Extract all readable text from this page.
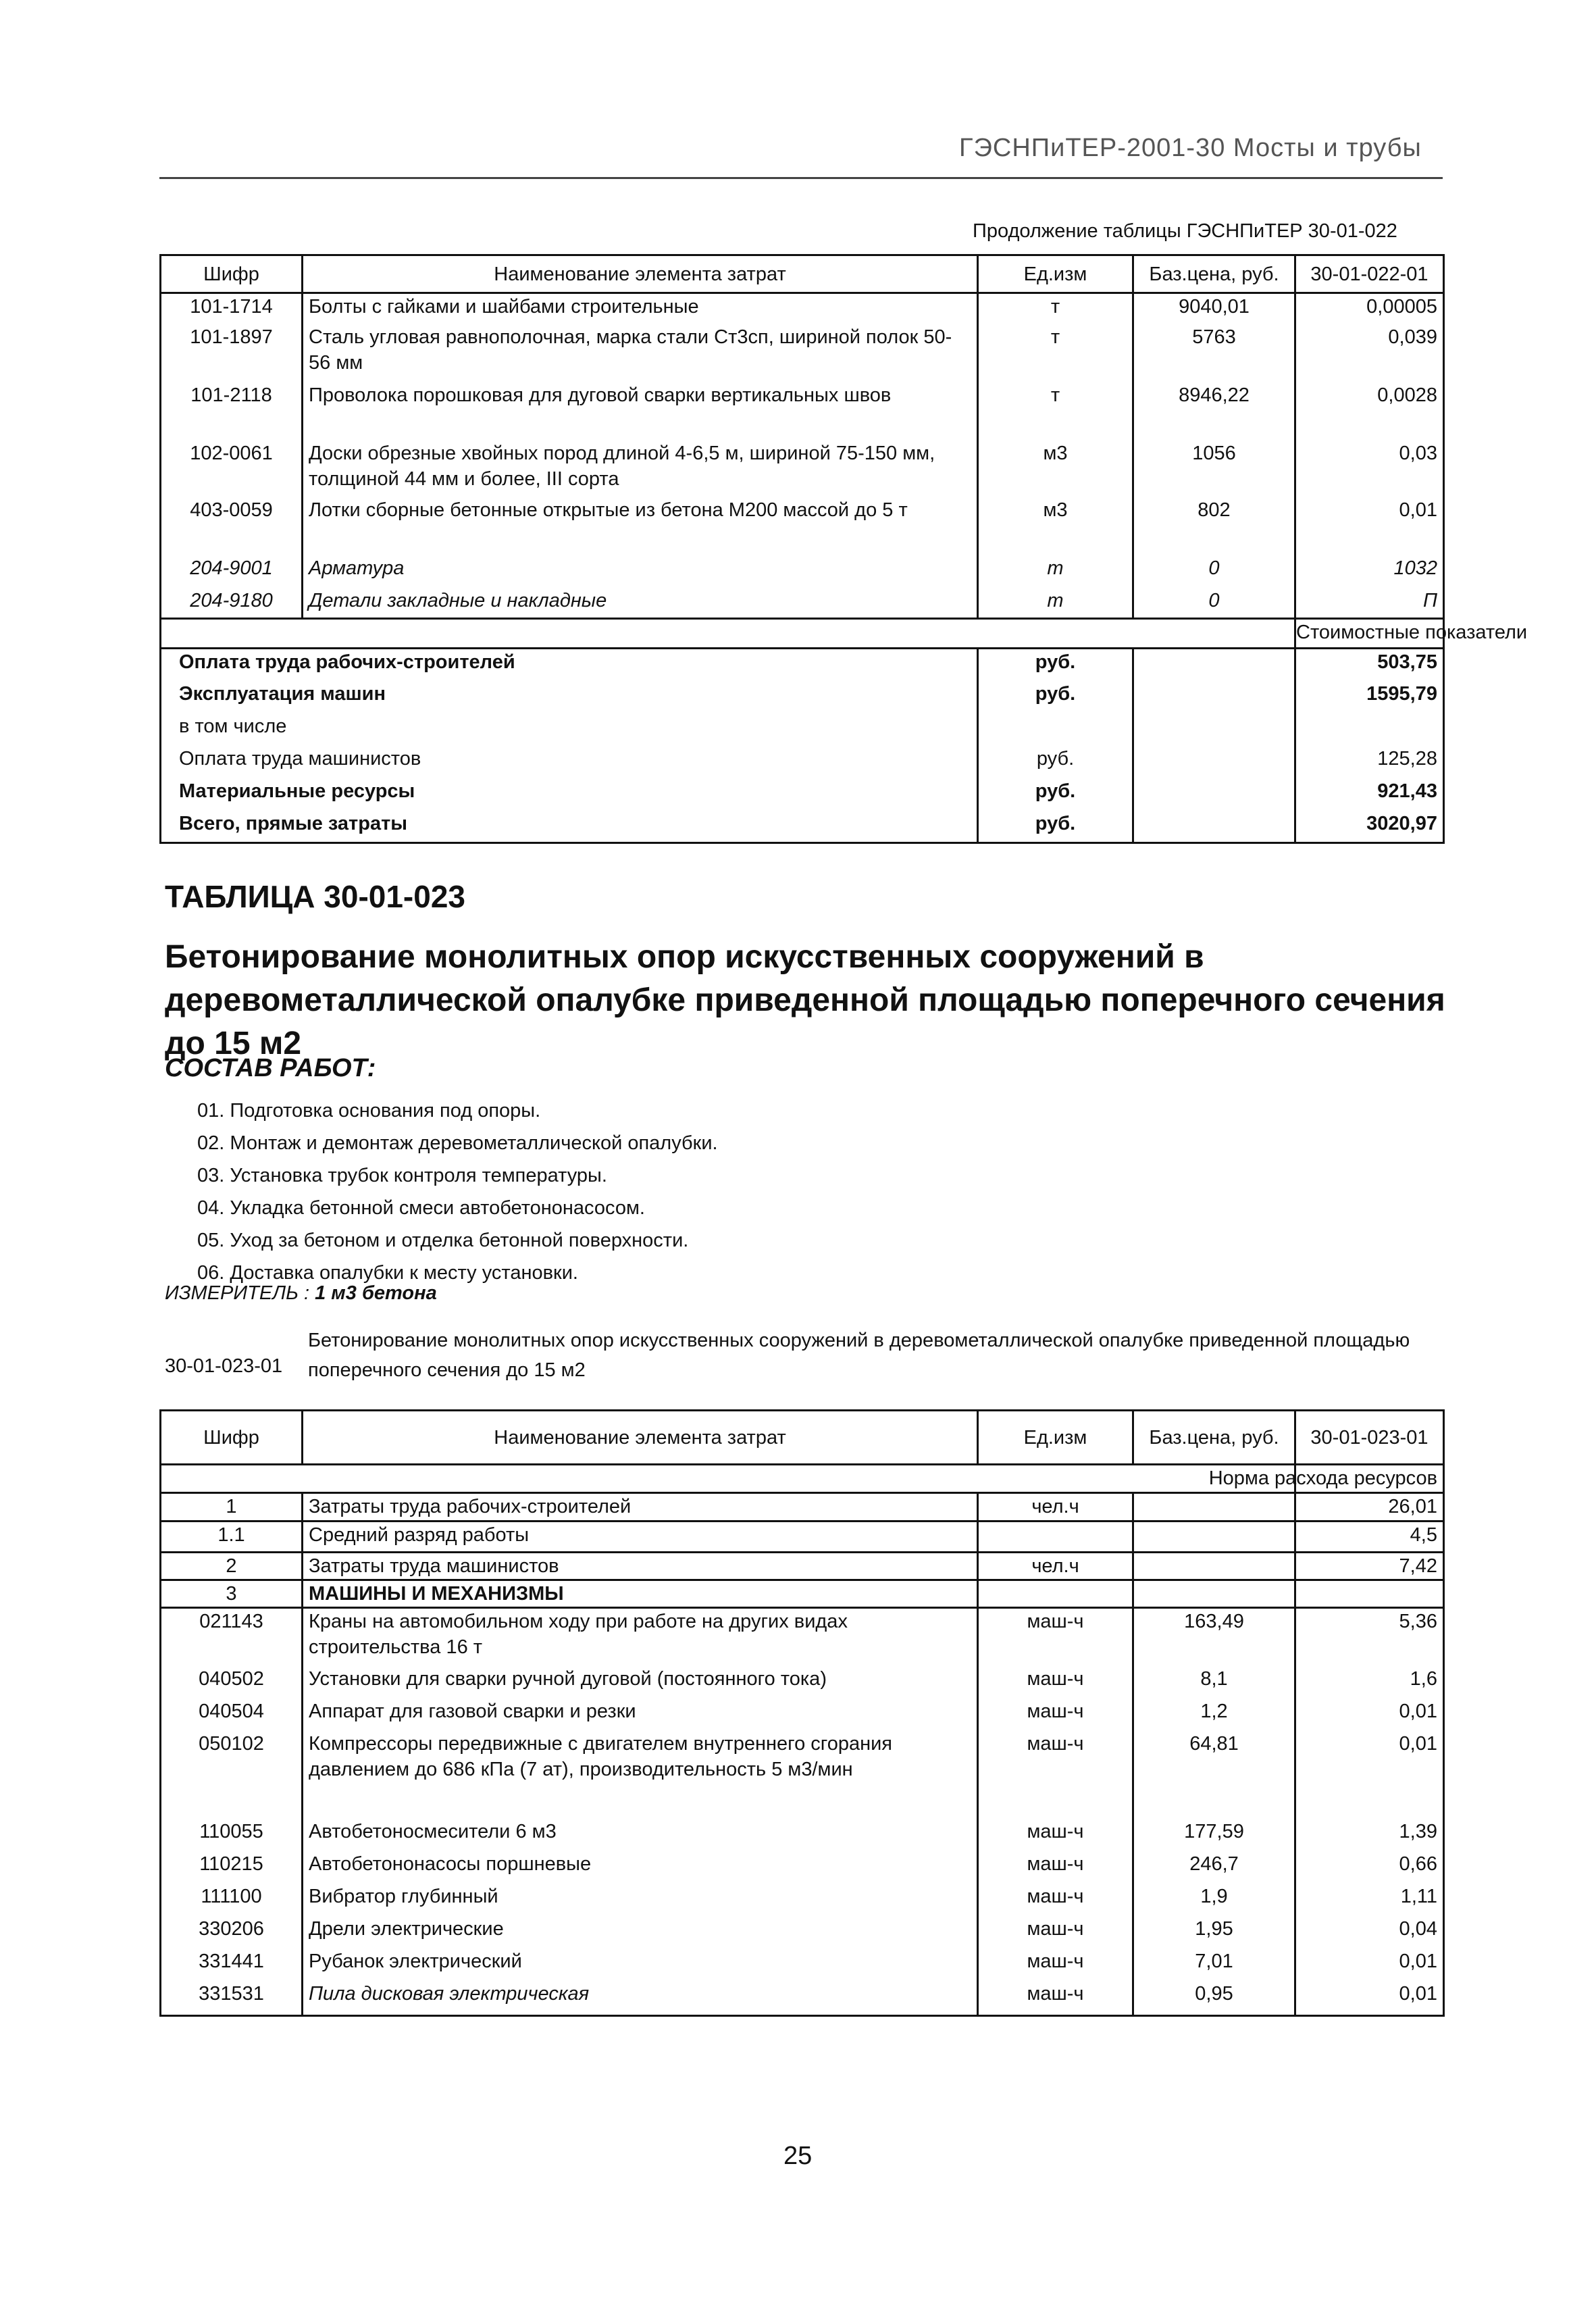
ГЭСНПиТЕР-2001-30 Мосты и трубы
Продолжение таблицы ГЭСНПиТЕР 30-01-022
Шифр	Наименование элемента затрат	Ед.изм	Баз.цена, руб.	30-01-022-01
101-1714	Болты с гайками и шайбами строительные	т	9040,01	0,00005
101-1897	Сталь угловая равнополочная, марка стали Ст3сп, шириной полок 50-56 мм	т	5763	0,039
101-2118	Проволока порошковая для дуговой сварки вертикальных швов	т	8946,22	0,0028
102-0061	Доски обрезные хвойных пород длиной 4-6,5 м, шириной 75-150 мм, толщиной 44 мм и более, III сорта	м3	1056	0,03
403-0059	Лотки сборные бетонные открытые из бетона М200 массой до 5 т	м3	802	0,01
204-9001	Арматура	т	0	1032
204-9180	Детали закладные и накладные	т	0	П
				Стоимостные показатели
Оплата труда рабочих-строителей		руб.		503,75
Эксплуатация машин		руб.		1595,79
в том числе				
Оплата труда машинистов		руб.		125,28
Материальные ресурсы		руб.		921,43
Всего, прямые затраты		руб.		3020,97
ТАБЛИЦА 30-01-023
Бетонирование монолитных опор искусственных сооружений в деревометаллической опалубке приведенной площадью поперечного сечения до 15 м2
СОСТАВ РАБОТ:
01. Подготовка основания под опоры.
02. Монтаж и демонтаж деревометаллической опалубки.
03. Установка трубок контроля температуры.
04. Укладка бетонной смеси автобетононасосом.
05. Уход за бетоном и отделка бетонной поверхности.
06. Доставка опалубки к месту установки.
ИЗМЕРИТЕЛЬ : 1 м3 бетона
30-01-023-01
Бетонирование монолитных опор искусственных сооружений в деревометаллической опалубке приведенной площадью поперечного сечения до 15 м2
Шифр	Наименование элемента затрат	Ед.изм	Баз.цена, руб.	30-01-023-01
				Норма расхода ресурсов
1	Затраты труда рабочих-строителей	чел.ч		26,01
1.1	Средний разряд работы			4,5
2	Затраты труда машинистов	чел.ч		7,42
3	МАШИНЫ И МЕХАНИЗМЫ			
021143	Краны на автомобильном ходу при работе на других видах строительства 16 т	маш-ч	163,49	5,36
040502	Установки для сварки ручной дуговой (постоянного тока)	маш-ч	8,1	1,6
040504	Аппарат для газовой сварки и резки	маш-ч	1,2	0,01
050102	Компрессоры передвижные с двигателем внутреннего сгорания давлением до 686 кПа (7 ат), производительность 5 м3/мин	маш-ч	64,81	0,01
110055	Автобетоносмесители 6 м3	маш-ч	177,59	1,39
110215	Автобетононасосы поршневые	маш-ч	246,7	0,66
111100	Вибратор глубинный	маш-ч	1,9	1,11
330206	Дрели электрические	маш-ч	1,95	0,04
331441	Рубанок электрический	маш-ч	7,01	0,01
331531	Пила дисковая электрическая	маш-ч	0,95	0,01
25
